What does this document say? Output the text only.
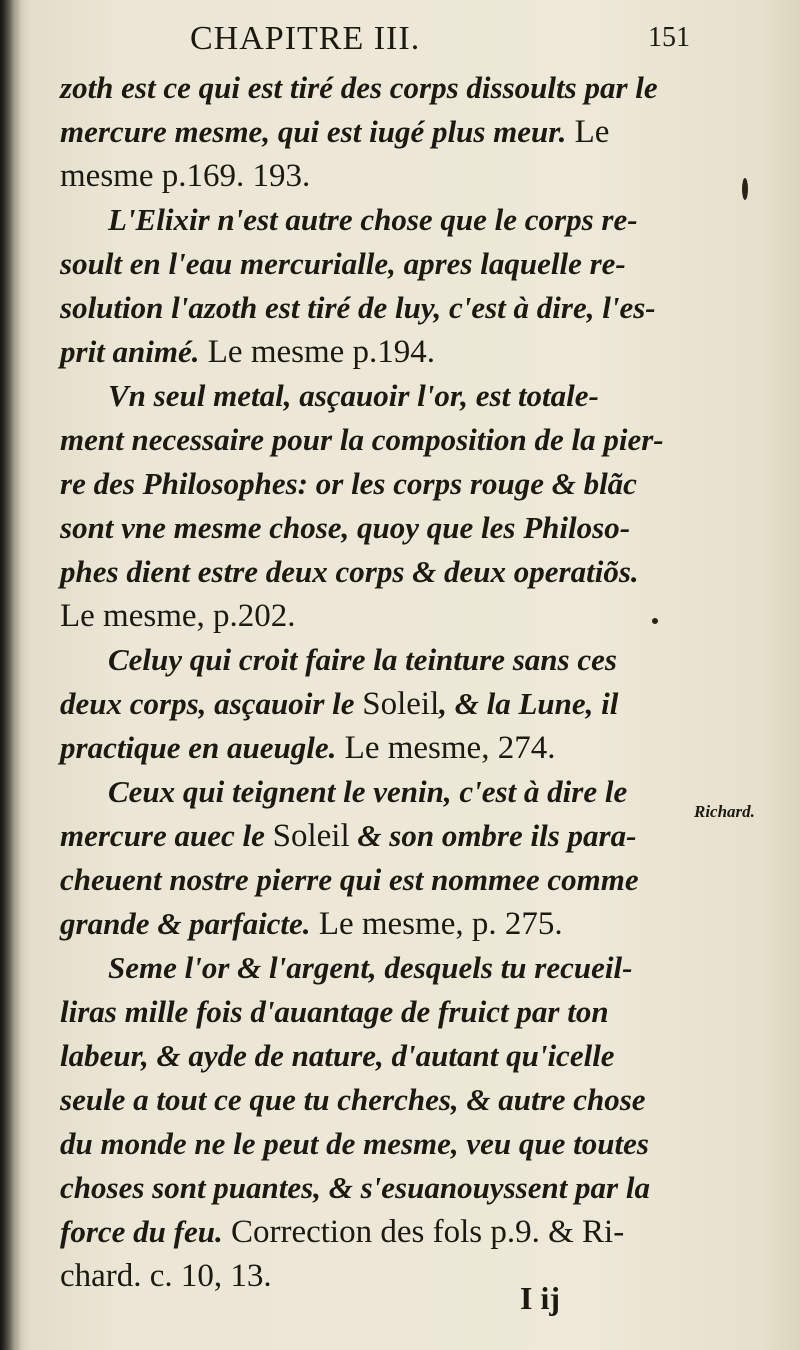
CHAPITRE III.	151
zoth est ce qui est tiré des corps dissoults par le
mercure mesme, qui est iugé plus meur. Le
mesme p.169. 193.
L'Elixir n'est autre chose que le corps re-
soult en l'eau mercurialle, apres laquelle re-
solution l'azoth est tiré de luy, c'est à dire, l'es-
prit animé. Le mesme p.194.
Vn seul metal, asçauoir l'or, est totale-
ment necessaire pour la composition de la pier-
re des Philosophes: or les corps rouge & blãc
sont vne mesme chose, quoy que les Philoso-
phes dient estre deux corps & deux operatiõs.
Le mesme, p.202.
Celuy qui croit faire la teinture sans ces
deux corps, asçauoir le Soleil, & la Lune, il
practique en aueugle. Le mesme, 274.
Ceux qui teignent le venin, c'est à dire le
mercure auec le Soleil & son ombre ils para-
cheuent nostre pierre qui est nommee comme
grande & parfaicte. Le mesme, p. 275.
Seme l'or & l'argent, desquels tu recueil-
liras mille fois d'auantage de fruict par ton
labeur, & ayde de nature, d'autant qu'icelle
seule a tout ce que tu cherches, & autre chose
du monde ne le peut de mesme, veu que toutes
choses sont puantes, & s'esuanouyssent par la
force du feu. Correction des fols p.9. & Ri-
chard. c. 10, 13.
Richard.
I ij
